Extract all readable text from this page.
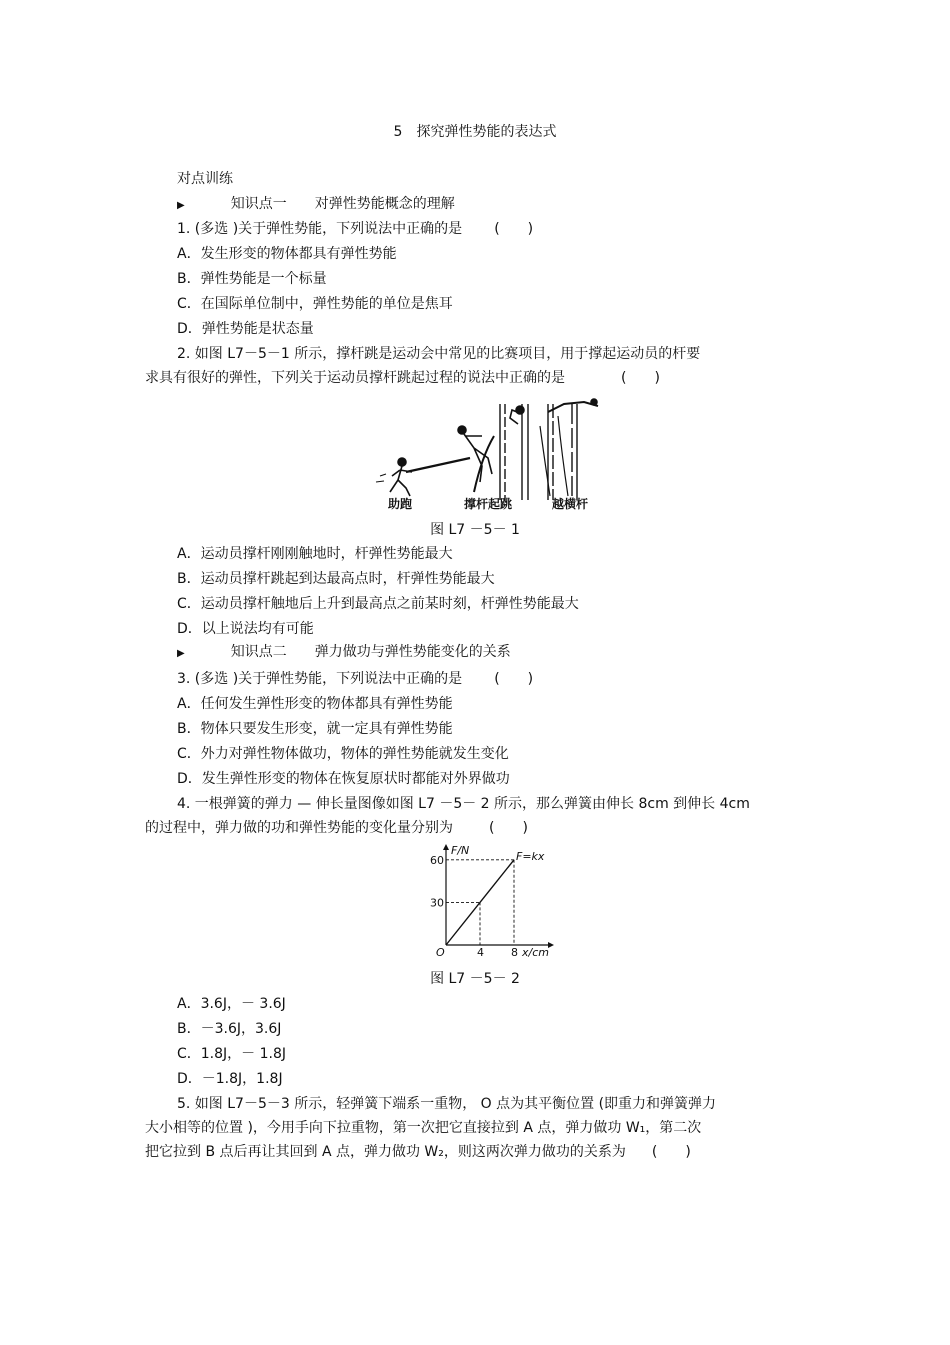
5　探究弹性势能的表达式
对点训练
▶	知识点一　　对弹性势能概念的理解
1. (多选 )关于弹性势能，下列说法中正确的是 (　　)
A．发生形变的物体都具有弹性势能
B．弹性势能是一个标量
C．在国际单位制中，弹性势能的单位是焦耳
D．弹性势能是状态量
2. 如图 L7－5－1 所示，撑杆跳是运动会中常见的比赛项目，用于撑起运动员的杆要
求具有很好的弹性，下列关于运动员撑杆跳起过程的说法中正确的是	(　　)
助跑	撑杆起跳	越横杆
图 L7 －5－ 1
A．运动员撑杆刚刚触地时，杆弹性势能最大
B．运动员撑杆跳起到达最高点时，杆弹性势能最大
C．运动员撑杆触地后上升到最高点之前某时刻，杆弹性势能最大
D．以上说法均有可能
▶	知识点二　　弹力做功与弹性势能变化的关系
3. (多选 )关于弹性势能，下列说法中正确的是 (　　)
A．任何发生弹性形变的物体都具有弹性势能
B．物体只要发生形变，就一定具有弹性势能
C．外力对弹性物体做功，物体的弹性势能就发生变化
D．发生弹性形变的物体在恢复原状时都能对外界做功
4. 一根弹簧的弹力 — 伸长量图像如图 L7 －5－ 2 所示，那么弹簧由伸长 8cm 到伸长 4cm
的过程中，弹力做的功和弹性势能的变化量分别为	(　　)
4 8
30
60
F/N
x/cm
O
F=kx
图 L7 －5－ 2
A．3.6J，－ 3.6J
B．－3.6J，3.6J
C．1.8J，－ 1.8J
D．－1.8J，1.8J
5. 如图 L7－5－3 所示，轻弹簧下端系一重物， O 点为其平衡位置 (即重力和弹簧弹力
大小相等的位置 )，今用手向下拉重物，第一次把它直接拉到 A 点，弹力做功 W₁，第二次
把它拉到 B 点后再让其回到 A 点，弹力做功 W₂，则这两次弹力做功的关系为 (　　)
